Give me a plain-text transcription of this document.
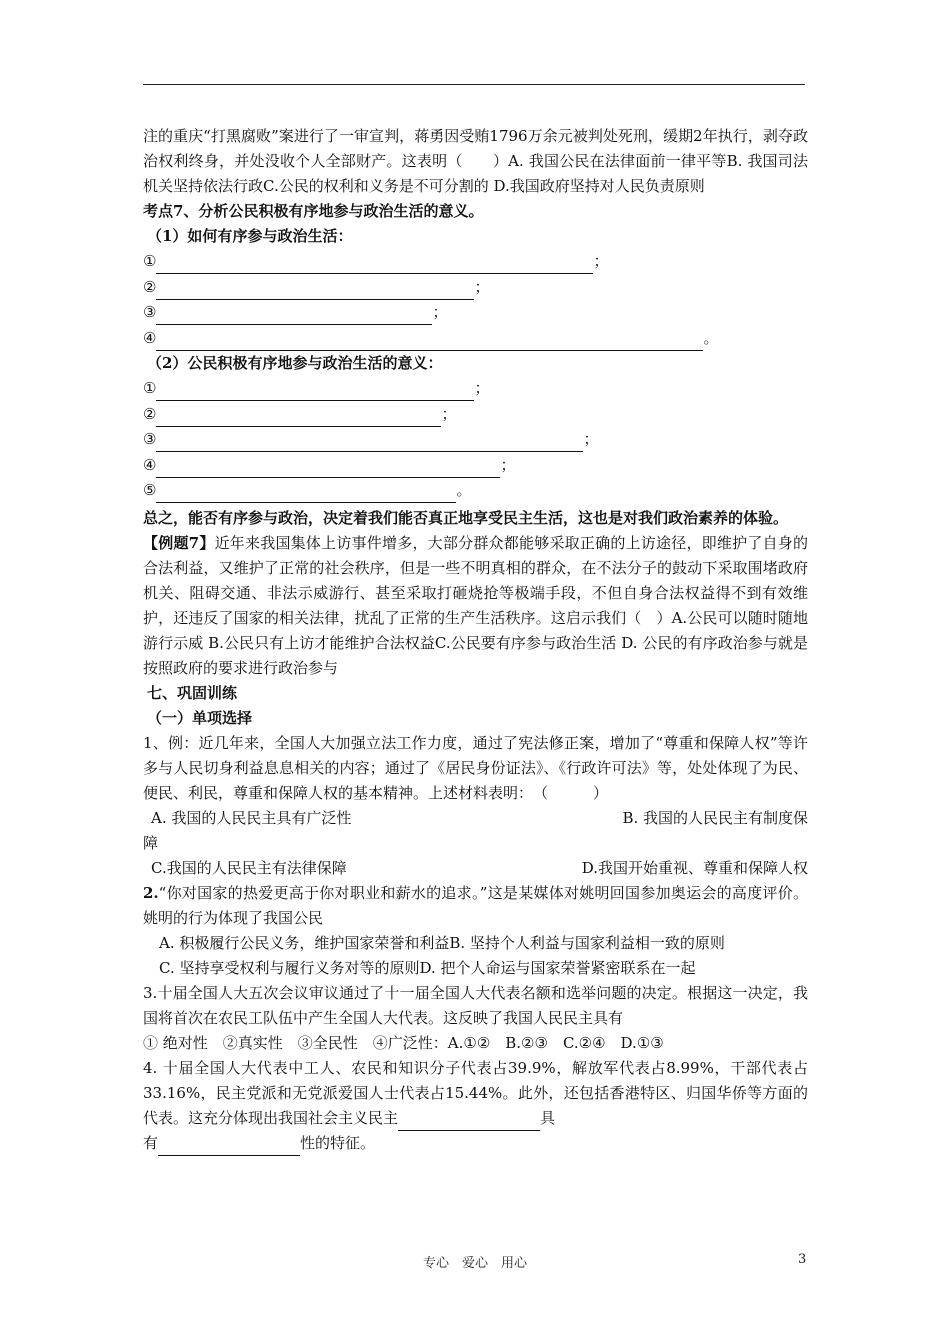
注的重庆“打黑腐败”案进行了一审宣判，蒋勇因受贿1796万余元被判处死刑，缓期2年执行，剥夺政治权利终身，并处没收个人全部财产。这表明（　　）A. 我国公民在法律面前一律平等B. 我国司法机关坚持依法行政C.公民的权利和义务是不可分割的 D.我国政府坚持对人民负责原则

考点7、分析公民积极有序地参与政治生活的意义。

（1）如何有序参与政治生活：

①	；
②	；
③	；
④	。

（2）公民积极有序地参与政治生活的意义：

①	；
②	；
③	；
④	；
⑤	。

总之，能否有序参与政治，决定着我们能否真正地享受民主生活，这也是对我们政治素养的体验。

【例题7】近年来我国集体上访事件增多，大部分群众都能够采取正确的上访途径，即维护了自身的合法利益，又维护了正常的社会秩序，但是一些不明真相的群众，在不法分子的鼓动下采取围堵政府机关、阻碍交通、非法示威游行、甚至采取打砸烧抢等极端手段，不但自身合法权益得不到有效维护，还违反了国家的相关法律，扰乱了正常的生产生活秩序。这启示我们（　）A.公民可以随时随地游行示威 B.公民只有上访才能维护合法权益C.公民要有序参与政治生活 D. 公民的有序政治参与就是按照政府的要求进行政治参与

七、巩固训练

（一）单项选择

1、例：近几年来，全国人大加强立法工作力度，通过了宪法修正案，增加了“尊重和保障人权”等许多与人民切身利益息息相关的内容；通过了《居民身份证法》、《行政许可法》等，处处体现了为民、便民、利民，尊重和保障人权的基本精神。上述材料表明：　（　　　）

A. 我国的人民民主具有广泛性	B. 我国的人民民主有制度保

障

C.我国的人民民主有法律保障	D.我国开始重视、尊重和保障人权

2.“你对国家的热爱更高于你对职业和薪水的追求。”这是某媒体对姚明回国参加奥运会的高度评价。姚明的行为体现了我国公民

A. 积极履行公民义务，维护国家荣誉和利益B. 坚持个人利益与国家利益相一致的原则

C. 坚持享受权利与履行义务对等的原则D. 把个人命运与国家荣誉紧密联系在一起

3.十届全国人大五次会议审议通过了十一届全国人大代表名额和选举问题的决定。根据这一决定，我国将首次在农民工队伍中产生全国人大代表。这反映了我国人民民主具有

① 绝对性　②真实性　③全民性　④广泛性：A.①②　B.②③　C.②④　D.①③

4. 十届全国人大代表中工人、农民和知识分子代表占39.9%，解放军代表占8.99%，干部代表占33.16%，民主党派和无党派爱国人士代表占15.44%。此外，还包括香港特区、归国华侨等方面的代表。这充分体现出我国社会主义民主	具

有	性的特征。

专心　爱心　用心	3
